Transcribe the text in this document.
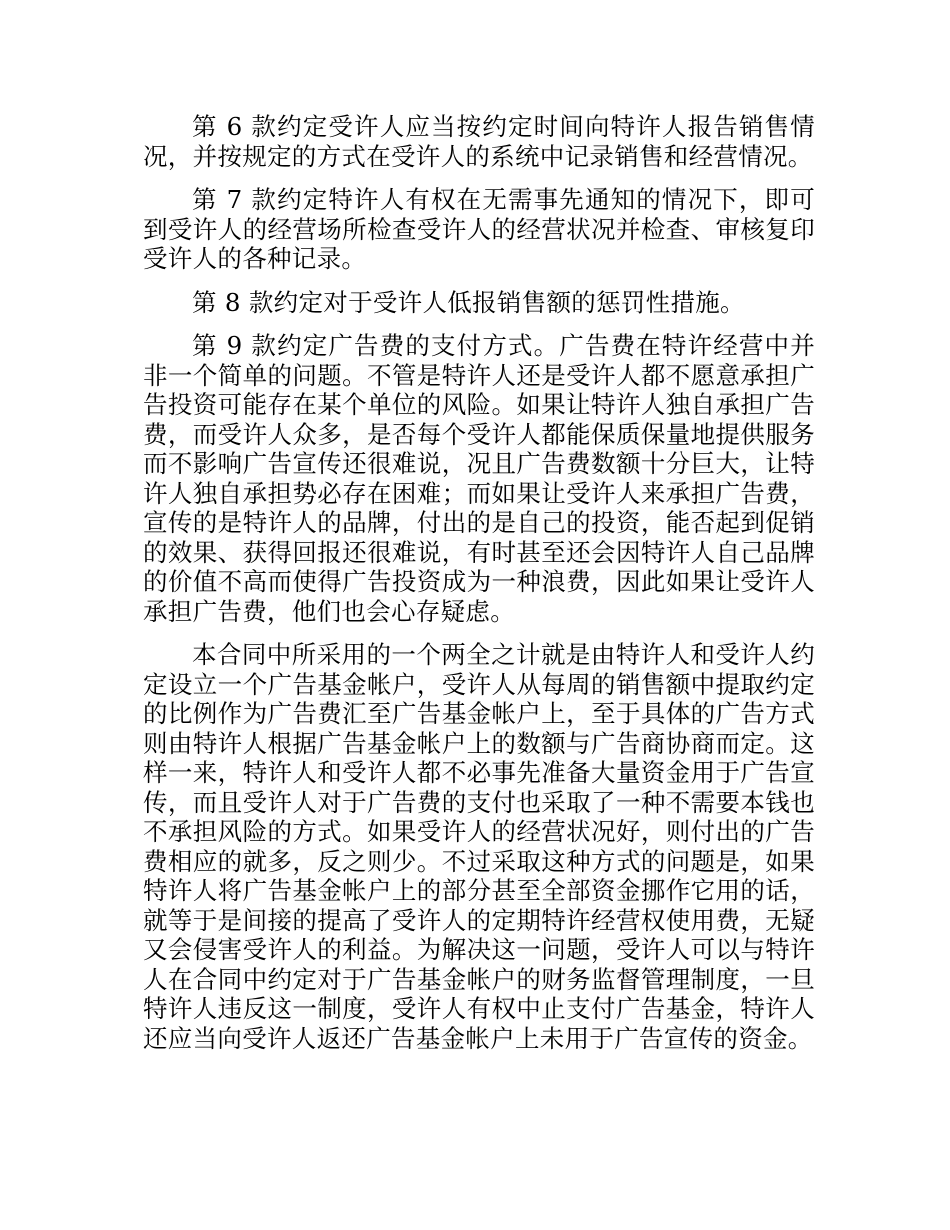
第 6 款约定受许人应当按约定时间向特许人报告销售情况，并按规定的方式在受许人的系统中记录销售和经营情况。

第 7 款约定特许人有权在无需事先通知的情况下，即可到受许人的经营场所检查受许人的经营状况并检查、审核复印受许人的各种记录。

第 8 款约定对于受许人低报销售额的惩罚性措施。

第 9 款约定广告费的支付方式。广告费在特许经营中并非一个简单的问题。不管是特许人还是受许人都不愿意承担广告投资可能存在某个单位的风险。如果让特许人独自承担广告费，而受许人众多，是否每个受许人都能保质保量地提供服务而不影响广告宣传还很难说，况且广告费数额十分巨大，让特许人独自承担势必存在困难；而如果让受许人来承担广告费，宣传的是特许人的品牌，付出的是自己的投资，能否起到促销的效果、获得回报还很难说，有时甚至还会因特许人自己品牌的价值不高而使得广告投资成为一种浪费，因此如果让受许人承担广告费，他们也会心存疑虑。

本合同中所采用的一个两全之计就是由特许人和受许人约定设立一个广告基金帐户，受许人从每周的销售额中提取约定的比例作为广告费汇至广告基金帐户上，至于具体的广告方式则由特许人根据广告基金帐户上的数额与广告商协商而定。这样一来，特许人和受许人都不必事先准备大量资金用于广告宣传，而且受许人对于广告费的支付也采取了一种不需要本钱也不承担风险的方式。如果受许人的经营状况好，则付出的广告费相应的就多，反之则少。不过采取这种方式的问题是，如果特许人将广告基金帐户上的部分甚至全部资金挪作它用的话，就等于是间接的提高了受许人的定期特许经营权使用费，无疑又会侵害受许人的利益。为解决这一问题，受许人可以与特许人在合同中约定对于广告基金帐户的财务监督管理制度，一旦特许人违反这一制度，受许人有权中止支付广告基金，特许人还应当向受许人返还广告基金帐户上未用于广告宣传的资金。
